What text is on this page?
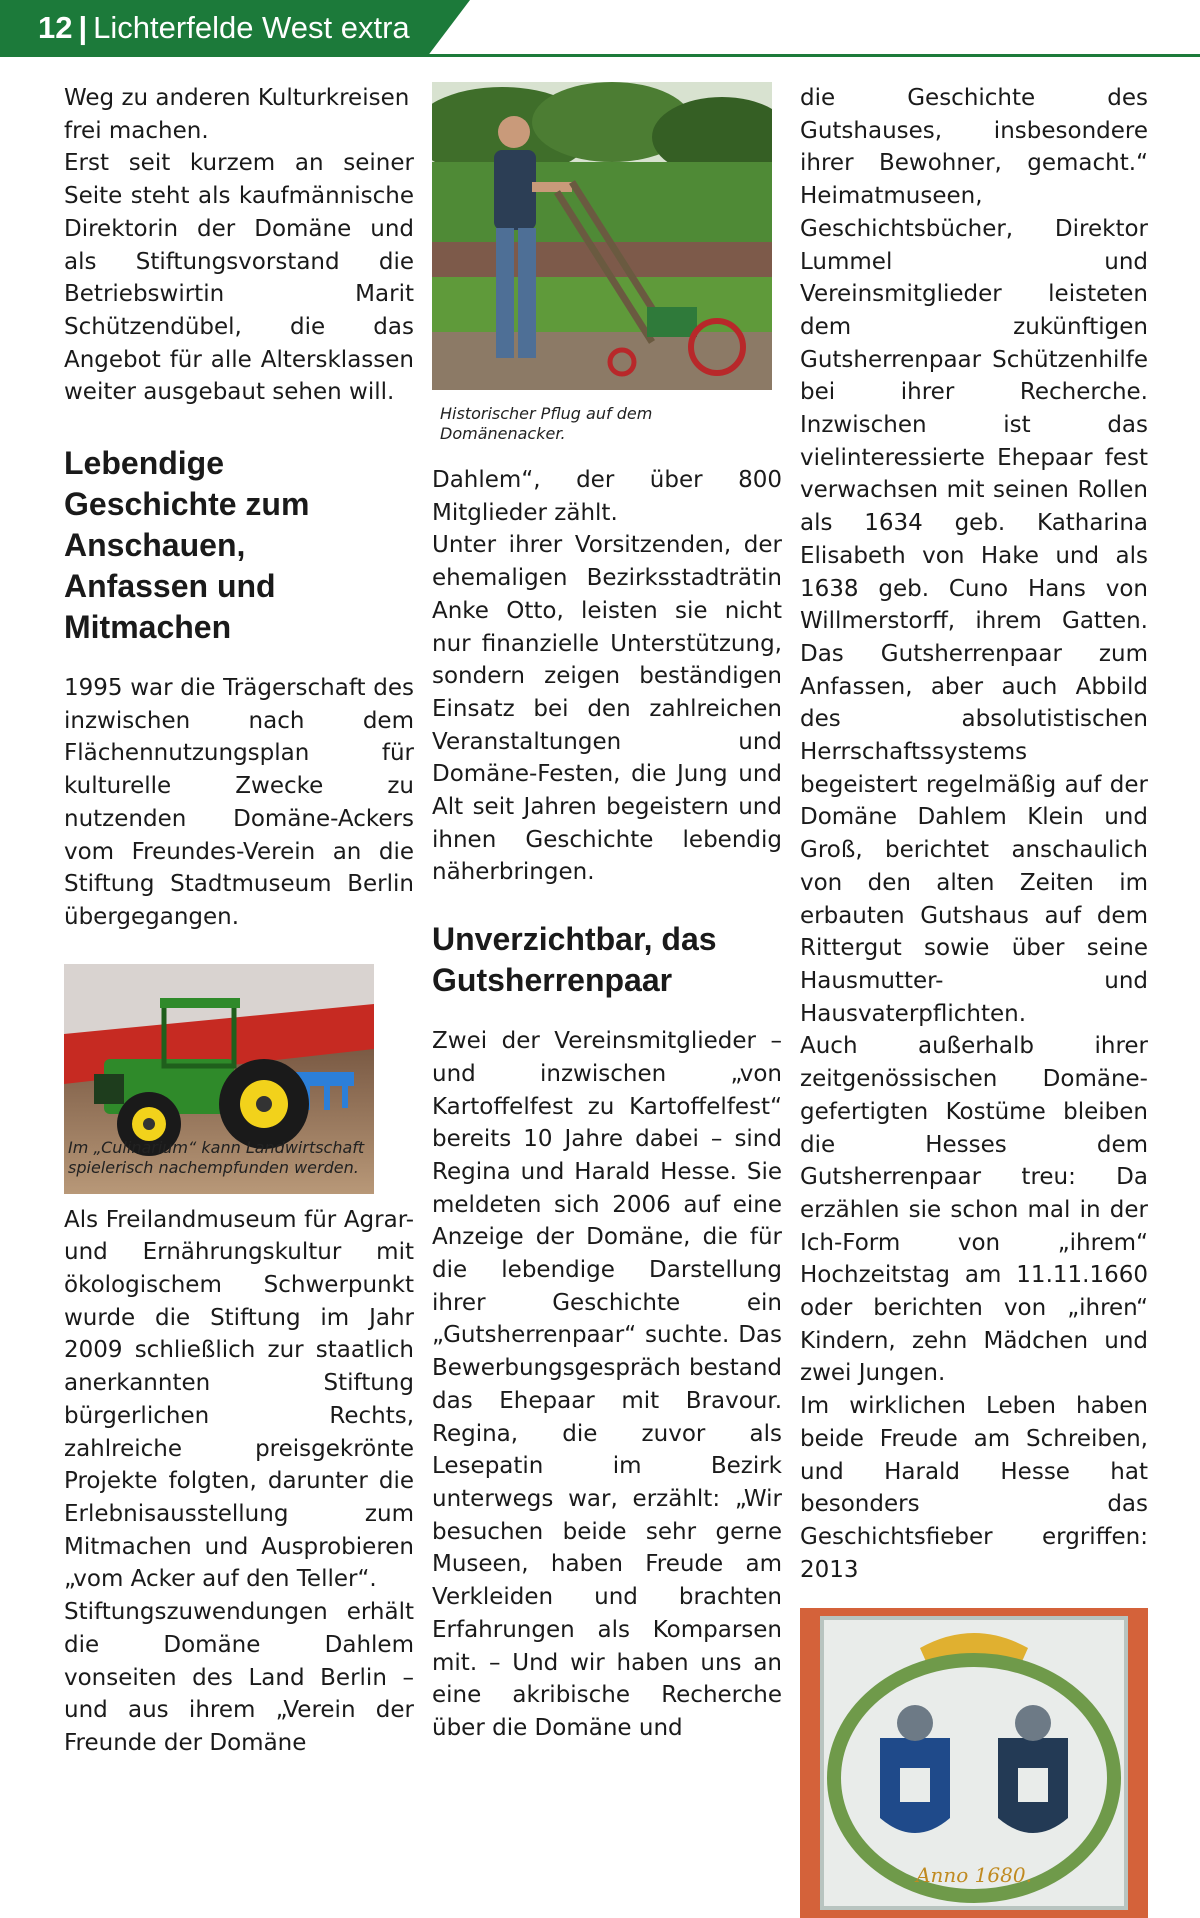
12 | Lichterfelde West extra

Weg zu anderen Kulturkreisen frei machen.

Erst seit kurzem an seiner Seite steht als kaufmännische Direktorin der Domäne und als Stiftungsvorstand die Betriebswirtin Marit Schützendübel, die das Angebot für alle Altersklassen weiter ausgebaut sehen will.

Lebendige Geschichte zum Anschauen, Anfassen und Mitmachen

1995 war die Trägerschaft des inzwischen nach dem Flächennutzungsplan für kulturelle Zwecke zu nutzenden Domäne-Ackers vom Freundes-Verein an die Stiftung Stadtmuseum Berlin übergegangen.

Im „Culinarium“ kann Landwirtschaft spielerisch nachempfunden werden.

Als Freilandmuseum für Agrar- und Ernährungskultur mit ökologischem Schwerpunkt wurde die Stiftung im Jahr 2009 schließlich zur staatlich anerkannten Stiftung bürgerlichen Rechts, zahlreiche preisgekrönte Projekte folgten, darunter die Erlebnisausstellung zum Mitmachen und Ausprobieren „vom Acker auf den Teller“.

Stiftungszuwendungen erhält die Domäne Dahlem vonseiten des Land Berlin – und aus ihrem „Verein der Freunde der Domäne

Historischer Pflug auf dem Domänenacker.

Dahlem“, der über 800 Mitglieder zählt.

Unter ihrer Vorsitzenden, der ehemaligen Bezirksstadträtin Anke Otto, leisten sie nicht nur finanzielle Unterstützung, sondern zeigen beständigen Einsatz bei den zahlreichen Veranstaltungen und Domäne-Festen, die Jung und Alt seit Jahren begeistern und ihnen Geschichte lebendig näherbringen.

Unverzichtbar, das Gutsherrenpaar

Zwei der Vereinsmitglieder – und inzwischen „von Kartoffelfest zu Kartoffelfest“ bereits 10 Jahre dabei – sind Regina und Harald Hesse. Sie meldeten sich 2006 auf eine Anzeige der Domäne, die für die lebendige Darstellung ihrer Geschichte ein „Gutsherrenpaar“ suchte. Das Bewerbungsgespräch bestand das Ehepaar mit Bravour. Regina, die zuvor als Lesepatin im Bezirk unterwegs war, erzählt: „Wir besuchen beide sehr gerne Museen, haben Freude am Verkleiden und brachten Erfahrungen als Komparsen mit. – Und wir haben uns an eine akribische Recherche über die Domäne und

die Geschichte des Gutshauses, insbesondere ihrer Bewohner, gemacht.“ Heimatmuseen, Geschichtsbücher, Direktor Lummel und Vereinsmitglieder leisteten dem zukünftigen Gutsherrenpaar Schützenhilfe bei ihrer Recherche. Inzwischen ist das vielinteressierte Ehepaar fest verwachsen mit seinen Rollen als 1634 geb. Katharina Elisabeth von Hake und als 1638 geb. Cuno Hans von Willmerstorff, ihrem Gatten. Das Gutsherrenpaar zum Anfassen, aber auch Abbild des absolutistischen Herrschaftssystems begeistert regelmäßig auf der Domäne Dahlem Klein und Groß, berichtet anschaulich von den alten Zeiten im erbauten Gutshaus auf dem Rittergut sowie über seine Hausmutter- und Hausvaterpflichten.

Auch außerhalb ihrer zeitgenössischen Domäne-gefertigten Kostüme bleiben die Hesses dem Gutsherrenpaar treu: Da erzählen sie schon mal in der Ich-Form von „ihrem“ Hochzeitstag am 11.11.1660 oder berichten von „ihren“ Kindern, zehn Mädchen und zwei Jungen.

Im wirklichen Leben haben beide Freude am Schreiben, und Harald Hesse hat besonders das Geschichtsfieber ergriffen: 2013

Anno 1680.
